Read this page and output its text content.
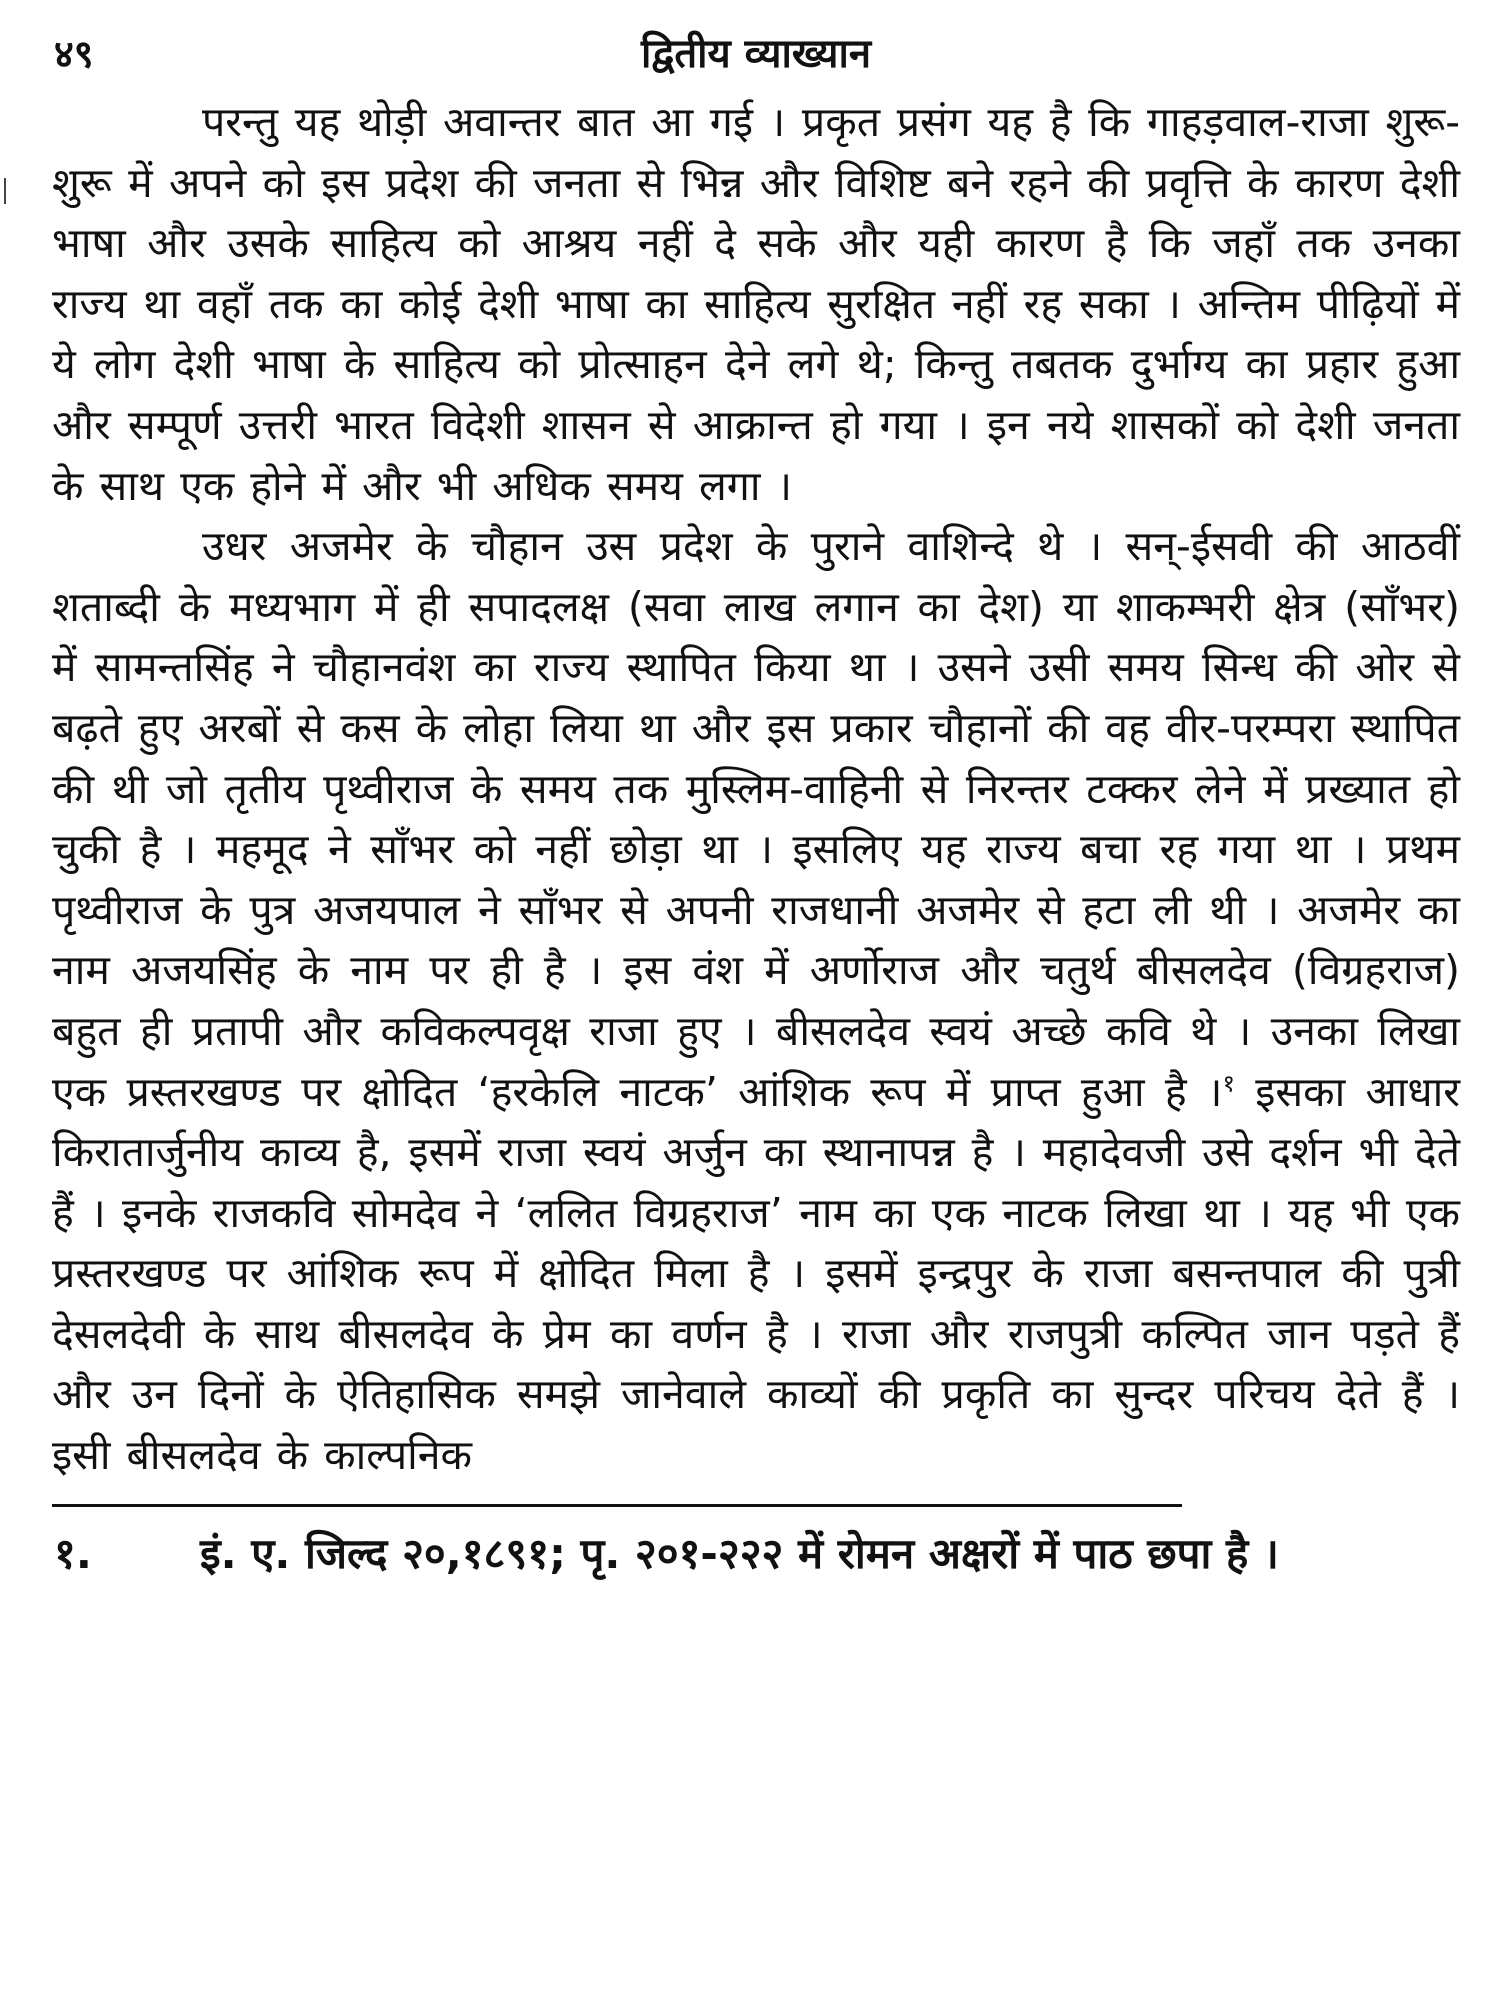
४९	द्वितीय व्याख्यान

परन्तु यह थोड़ी अवान्तर बात आ गई । प्रकृत प्रसंग यह है कि गाहड़वाल-राजा शुरू-शुरू में अपने को इस प्रदेश की जनता से भिन्न और विशिष्ट बने रहने की प्रवृत्ति के कारण देशी भाषा और उसके साहित्य को आश्रय नहीं दे सके और यही कारण है कि जहाँ तक उनका राज्य था वहाँ तक का कोई देशी भाषा का साहित्य सुरक्षित नहीं रह सका । अन्तिम पीढ़ियों में ये लोग देशी भाषा के साहित्य को प्रोत्साहन देने लगे थे; किन्तु तबतक दुर्भाग्य का प्रहार हुआ और सम्पूर्ण उत्तरी भारत विदेशी शासन से आक्रान्त हो गया । इन नये शासकों को देशी जनता के साथ एक होने में और भी अधिक समय लगा ।

उधर अजमेर के चौहान उस प्रदेश के पुराने वाशिन्दे थे । सन्-ईसवी की आठवीं शताब्दी के मध्यभाग में ही सपादलक्ष (सवा लाख लगान का देश) या शाकम्भरी क्षेत्र (साँभर) में सामन्तसिंह ने चौहानवंश का राज्य स्थापित किया था । उसने उसी समय सिन्ध की ओर से बढ़ते हुए अरबों से कस के लोहा लिया था और इस प्रकार चौहानों की वह वीर-परम्परा स्थापित की थी जो तृतीय पृथ्वीराज के समय तक मुस्लिम-वाहिनी से निरन्तर टक्कर लेने में प्रख्यात हो चुकी है । महमूद ने साँभर को नहीं छोड़ा था । इसलिए यह राज्य बचा रह गया था । प्रथम पृथ्वीराज के पुत्र अजयपाल ने साँभर से अपनी राजधानी अजमेर से हटा ली थी । अजमेर का नाम अजयसिंह के नाम पर ही है । इस वंश में अर्णोराज और चतुर्थ बीसलदेव (विग्रहराज) बहुत ही प्रतापी और कविकल्पवृक्ष राजा हुए । बीसलदेव स्वयं अच्छे कवि थे । उनका लिखा एक प्रस्तरखण्ड पर क्षोदित ‘हरकेलि नाटक’ आंशिक रूप में प्राप्त हुआ है ।$^१$ इसका आधार किरातार्जुनीय काव्य है, इसमें राजा स्वयं अर्जुन का स्थानापन्न है । महादेवजी उसे दर्शन भी देते हैं । इनके राजकवि सोमदेव ने ‘ललित विग्रहराज’ नाम का एक नाटक लिखा था । यह भी एक प्रस्तरखण्ड पर आंशिक रूप में क्षोदित मिला है । इसमें इन्द्रपुर के राजा बसन्तपाल की पुत्री देसलदेवी के साथ बीसलदेव के प्रेम का वर्णन है । राजा और राजपुत्री कल्पित जान पड़ते हैं और उन दिनों के ऐतिहासिक समझे जानेवाले काव्यों की प्रकृति का सुन्दर परिचय देते हैं । इसी बीसलदेव के काल्पनिक

१.	इं. ए. जिल्द २०,१८९१; पृ. २०१-२२२ में रोमन अक्षरों में पाठ छपा है ।
